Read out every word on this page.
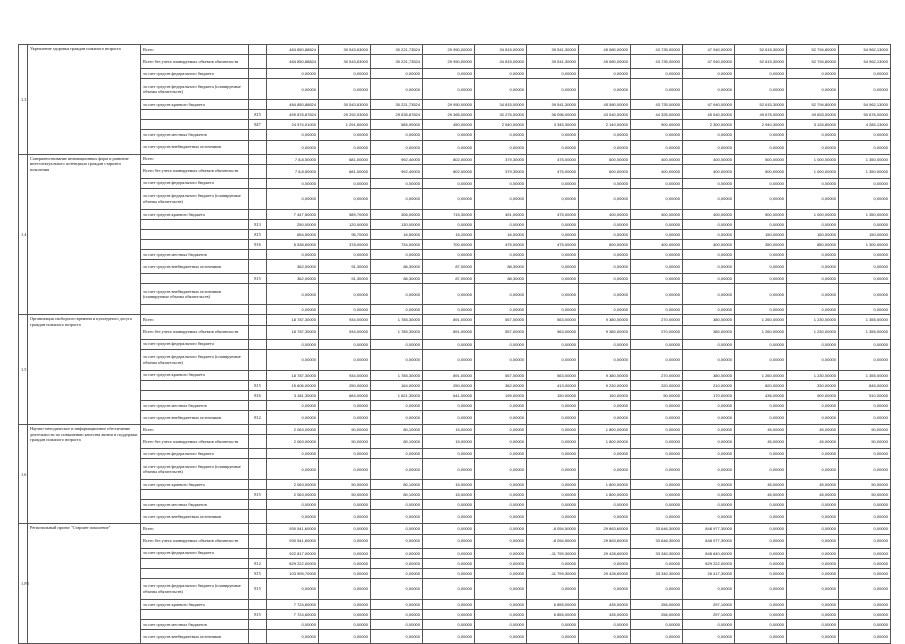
1.3	Укрепление здоровья граждан пожилого возраста	Всего		484 850,88824	30 543,63000	30 221,73524	29 950,00000	34 815,00000	39 541,30000	45 580,00000	43 735,00000	47 940,00000	52 615,30000	52 794,80000	54 962,13000
		Всего без учета планируемых объемов обязательств		484 850,88824	30 543,63000	30 221,73524	29 950,00000	34 815,00000	39 541,30000	45 580,00000	43 735,00000	47 940,00000	52 615,30000	52 794,80000	54 962,13000
		за счет средств федерального бюджета		0,00000	0,00000	0,00000	0,00000	0,00000	0,00000	0,00000	0,00000	0,00000	0,00000	0,00000	0,00000
		за счет средств федерального бюджета (планируемые объемы обязательств)		0,00000	0,00000	0,00000	0,00000	0,00000	0,00000	0,00000	0,00000	0,00000	0,00000	0,00000	0,00000
		за счет средств краевого бюджета		484 850,88824	30 543,63000	30 221,73524	29 950,00000	34 815,00000	39 541,30000	45 580,00000	43 735,00000	47 940,00000	52 615,30000	52 794,80000	54 962,13000
			815	459 876,87824	29 252,03000	29 635,87824	29 365,00000	32 275,00000	36 096,00000	43 540,00000	44 325,00000	45 540,00000	49 675,00000	49 653,00000	50 676,00000
			847	24 974,01000	1 291,60000	585,90000	450,00000	2 540,00000	3 345,30000	2 140,00000	900,00000	2 300,00000	2 940,30000	3 126,80000	4 285,13000
		за счет средств местных бюджетов		0,00000	0,00000	0,00000	0,00000	0,00000	0,00000	0,00000	0,00000	0,00000	0,00000	0,00000	0,00000
		за счет средств внебюджетных источников		0,00000	0,00000	0,00000	0,00000	0,00000	0,00000	0,00000	0,00000	0,00000	0,00000	0,00000	0,00000
1.4	Совершенствование инновационных форм и развитие интеллектуального потенциала граждан старшего поколения	Всего		7 8,8,50000	681,00000	992,40000	802,00000	379,30000	475,00000	600,00000	400,00000	400,00000	500,00000	1 000,00000	1 350,00000
		Всего без учета планируемых объемов обязательств		7 8,8,50000	681,00000	992,40000	802,00000	379,30000	475,00000	600,00000	400,00000	400,00000	500,00000	1 000,00000	1 350,00000
		за счет средств федерального бюджета		0,00000	0,00000	0,00000	0,00000	0,00000	0,00000	0,00000	0,00000	0,00000	0,00000	0,00000	0,00000
		за счет средств федерального бюджета (планируемые объемы обязательств)		0,00000	0,00000	0,00000	0,00000	0,00000	0,00000	0,00000	0,00000	0,00000	0,00000	0,00000	0,00000
		за счет средств краевого бюджета		7 447,50000	589,70000	306,00000	715,30000	491,00000	475,00000	400,00000	400,00000	400,00000	500,00000	1 000,00000	1 350,00000
			813	250,00000	120,00000	130,00000	0,00000	0,00000	0,00000	0,00000	0,00000	0,00000	0,00000	0,00000	0,00000
			815	654,50000	95,70000	16,50000	15,20000	16,00000	0,00000	0,00000	0,00000	0,00000	150,00000	150,00000	150,00000
			816	6 538,60000	378,00000	734,00000	700,00000	475,00000	475,00000	600,00000	400,00000	400,00000	350,00000	850,00000	1 300,00000
		за счет средств местных бюджетов		0,00000	0,00000	0,00000	0,00000	0,00000	0,00000	0,00000	0,00000	0,00000	0,00000	0,00000	0,00000
		за счет средств внебюджетных источников		362,00000	91,30000	86,30000	87,00000	88,30000	0,00000	0,00000	0,00000	0,00000	0,00000	0,00000	0,00000
			815	362,00000	91,30000	86,30000	87,00000	88,30000	0,00000	0,00000	0,00000	0,00000	0,00000	0,00000	0,00000
		за счет средств внебюджетных источников (планируемые объемы обязательств)		0,00000	0,00000	0,00000	0,00000	0,00000	0,00000	0,00000	0,00000	0,00000	0,00000	0,00000	0,00000
				0,00000	0,00000	0,00000	0,00000	0,00000	0,00000	0,00000	0,00000	0,00000	0,00000	0,00000	0,00000
1.5	Организация свободного времени и культурного досуга граждан пожилого возраста	Всего		18 787,30000	934,00000	1 785,30000	891,00000	557,00000	563,00000	9 380,00000	270,00000	380,00000	1 260,00000	1 230,00000	1 355,00000
		Всего без учета планируемых объемов обязательств		18 787,30000	934,00000	1 785,30000	891,00000	557,00000	563,00000	9 380,00000	270,00000	380,00000	1 260,00000	1 230,00000	1 355,00000
		за счет средств федерального бюджета		0,00000	0,00000	0,00000	0,00000	0,00000	0,00000	0,00000	0,00000	0,00000	0,00000	0,00000	0,00000
		за счет средств федерального бюджета (планируемые объемы обязательств)		0,00000	0,00000	0,00000	0,00000	0,00000	0,00000	0,00000	0,00000	0,00000	0,00000	0,00000	0,00000
		за счет средств краевого бюджета		18 787,30000	934,00000	1 785,30000	891,00000	557,00000	563,00000	9 380,00000	270,00000	380,00000	1 260,00000	1 230,00000	1 355,00000
			815	15 606,00000	250,00000	164,00000	250,00000	362,00000	413,00000	9 230,00000	220,00000	210,00000	820,00000	330,00000	845,00000
			816	3 181,30000	684,00000	1 621,30000	641,00000	195,00000	150,00000	150,00000	50,00000	170,00000	436,00000	900,00000	510,00000
		за счет средств местных бюджетов		0,00000	0,00000	0,00000	0,00000	0,00000	0,00000	0,00000	0,00000	0,00000	0,00000	0,00000	0,00000
		за счет средств внебюджетных источников	812	0,00000	0,00000	0,00000	0,00000	0,00000	0,00000	0,00000	0,00000	0,00000	0,00000	0,00000	0,00000
1.6	Научно-методическое и информационное обеспечение деятельности по повышению качества жизни и поддержки граждан пожилого возраста	Всего		2 063,00000	50,00000	80,10000	15,00000	0,00000	0,00000	1 800,00000	0,00000	0,00000	45,00000	45,00000	50,00000
		Всего без учета планируемых объемов обязательств		2 063,00000	50,00000	80,10000	15,00000	0,00000	0,00000	1 800,00000	0,00000	0,00000	45,00000	45,00000	50,00000
		за счет средств федерального бюджета		0,00000	0,00000	0,00000	0,00000	0,00000	0,00000	0,00000	0,00000	0,00000	0,00000	0,00000	0,00000
		за счет средств федерального бюджета (планируемые объемы обязательств)		0,00000	0,00000	0,00000	0,00000	0,00000	0,00000	0,00000	0,00000	0,00000	0,00000	0,00000	0,00000
		за счет средств краевого бюджета		2 063,00000	50,00000	80,10000	15,00000	0,00000	0,00000	1 800,00000	0,00000	0,00000	45,00000	45,00000	50,00000
			815	2 063,00000	50,00000	80,10000	15,00000	0,00000	0,00000	1 800,00000	0,00000	0,00000	45,00000	45,00000	50,00000
		за счет средств местных бюджетов		0,00000	0,00000	0,00000	0,00000	0,00000	0,00000	0,00000	0,00000	0,00000	0,00000	0,00000	0,00000
		за счет средств внебюджетных источников		0,00000	0,00000	0,00000	0,00000	0,00000	0,00000	0,00000	0,00000	0,00000	0,00000	0,00000	0,00000
1.Р3	Региональный проект "Старшее поколение"	Всего		930 541,60000	0,00000	0,00000	0,00000	0,00000	-8 054,50000	29 863,60000	33 646,30000	848 977,30000	0,00000	0,00000	0,00000
		Всего без учета планируемых объемов обязательств		930 541,60000	0,00000	0,00000	0,00000	0,00000	-8 054,50000	29 863,60000	33 646,30000	848 977,30000	0,00000	0,00000	0,00000
		за счет средств федерального бюджета		922 817,00000	0,00000	0,00000	0,00000	0,00000	-11 799,30000	29 428,60000	33 340,30000	848 640,40000	0,00000	0,00000	0,00000
			812	829 222,00000	0,00000	0,00000	0,00000	0,00000	0,00000	0,00000	0,00000	829 222,00000	0,00000	0,00000	0,00000
			815	103 595,70000	0,00000	0,00000	0,00000	0,00000	-11 799,30000	29 428,60000	33 340,30000	26 417,30000	0,00000	0,00000	0,00000
		за счет средств федерального бюджета (планируемые объемы обязательств)	815	0,00000	0,00000	0,00000	0,00000	0,00000	0,00000	0,00000	0,00000	0,00000	0,00000	0,00000	0,00000
		за счет средств краевого бюджета		7 724,60000	0,00000	0,00000	0,00000	0,00000	6 855,00000	435,00000	256,00000	297,10000	0,00000	0,00000	0,00000
			815	7 724,60000	0,00000	0,00000	0,00000	0,00000	6 855,00000	435,00000	256,00000	297,10000	0,00000	0,00000	0,00000
		за счет средств местных бюджетов		0,00000	0,00000	0,00000	0,00000	0,00000	0,00000	0,00000	0,00000	0,00000	0,00000	0,00000	0,00000
		за счет средств внебюджетных источников		0,00000	0,00000	0,00000	0,00000	0,00000	0,00000	0,00000	0,00000	0,00000	0,00000	0,00000	0,00000
